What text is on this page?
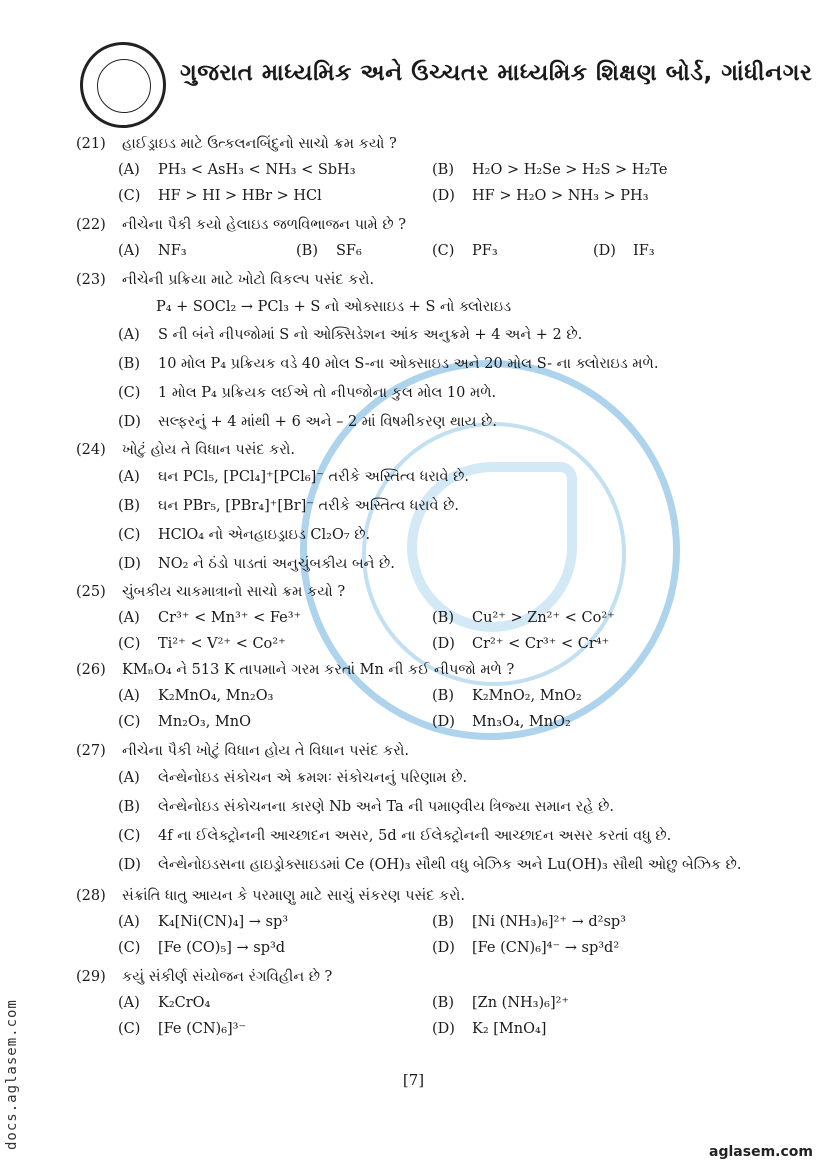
ગુજરાત માધ્યમિક અને ઉચ્ચતર માધ્યમિક શિક્ષણ બોર્ડ, ગાંધીનગર
(21) હાઈડ્રાઇડ માટે ઉત્કલનબિંદુનો સાચો ક્રમ કયો ?
(A) PH₃ < AsH₃ < NH₃ < SbH₃	(B) H₂O > H₂Se > H₂S > H₂Te
(C) HF > HI > HBr > HCl	(D) HF > H₂O > NH₃ > PH₃
(22) નીચેના પૈકી કયો હેલાઇડ જળવિભાજન પામે છે ?
(A) NF₃	(B) SF₆	(C) PF₃	(D) IF₃
(23) નીચેની પ્રક્રિયા માટે ખોટો વિકલ્પ પસંદ કરો.
P₄ + SOCl₂ → PCl₃ + S નો ઓક્સાઇડ + S નો ક્લોરાઇડ
(A) S ની બંને નીપજોમાં S નો ઓક્સિડેશન આંક અનુક્રમે + 4 અને + 2 છે.
(B) 10 મોલ P₄ પ્રક્રિયક વડે 40 મોલ S-ના ઓક્સાઇડ અને 20 મોલ S- ના ક્લોરાઇડ મળે.
(C) 1 મોલ P₄ પ્રક્રિયક લઈએ તો નીપજોના કુલ મોલ 10 મળે.
(D) સલ્ફરનું + 4 માંથી + 6 અને – 2 માં વિષમીકરણ થાય છે.
(24) ખોટું હોય તે વિધાન પસંદ કરો.
(A) ઘન PCl₅, [PCl₄]⁺[PCl₆]⁻ તરીકે અસ્તિત્વ ધરાવે છે.
(B) ઘન PBr₅, [PBr₄]⁺[Br]⁻ તરીકે અસ્તિત્વ ધરાવે છે.
(C) HClO₄ નો એનહાઇડ્રાઇડ Cl₂O₇ છે.
(D) NO₂ ને ઠંડો પાડતાં અનુચુંબકીય બને છે.
(25) ચુંબકીય ચાકમાત્રાનો સાચો ક્રમ કયો ?
(A) Cr³⁺ < Mn³⁺ < Fe³⁺	(B) Cu²⁺ > Zn²⁺ < Co²⁺
(C) Ti²⁺ < V²⁺ < Co²⁺	(D) Cr²⁺ < Cr³⁺ < Cr⁴⁺
(26) KMₙO₄ ને 513 K તાપમાને ગરમ કરતાં Mn ની કઈ નીપજો મળે ?
(A) K₂MnO₄, Mn₂O₃	(B) K₂MnO₂, MnO₂
(C) Mn₂O₃, MnO	(D) Mn₃O₄, MnO₂
(27) નીચેના પૈકી ખોટું વિધાન હોય તે વિધાન પસંદ કરો.
(A) લેન્થેનોઇડ સંકોચન એ ક્રમશઃ સંકોચનનું પરિણામ છે.
(B) લેન્થેનોઇડ સંકોચનના કારણે Nb અને Ta ની પમાણ્વીય ત્રિજ્યા સમાન રહે છે.
(C) 4f ના ઈલેક્ટ્રોનની આચ્છાદન અસર, 5d ના ઈલેક્ટ્રોનની આચ્છાદન અસર કરતાં વધુ છે.
(D) લેન્થેનોઇડસના હાઇડ્રોક્સાઇડમાં Ce (OH)₃ સૌથી વધુ બેઝિક અને Lu(OH)₃ સૌથી ઓછુ બેઝિક છે.
(28) સંક્રાંતિ ધાતુ આયન કે પરમાણુ માટે સાચું સંકરણ પસંદ કરો.
(A) K₄[Ni(CN)₄] → sp³	(B) [Ni (NH₃)₆]²⁺ → d²sp³
(C) [Fe (CO)₅] → sp³d	(D) [Fe (CN)₆]⁴⁻ → sp³d²
(29) કયું સંકીર્ણ સંયોજન રંગવિહીન છે ?
(A) K₂CrO₄	(B) [Zn (NH₃)₆]²⁺
(C) [Fe (CN)₆]³⁻	(D) K₂ [MnO₄]
[7]
docs.aglasem.com
aglasem.com
